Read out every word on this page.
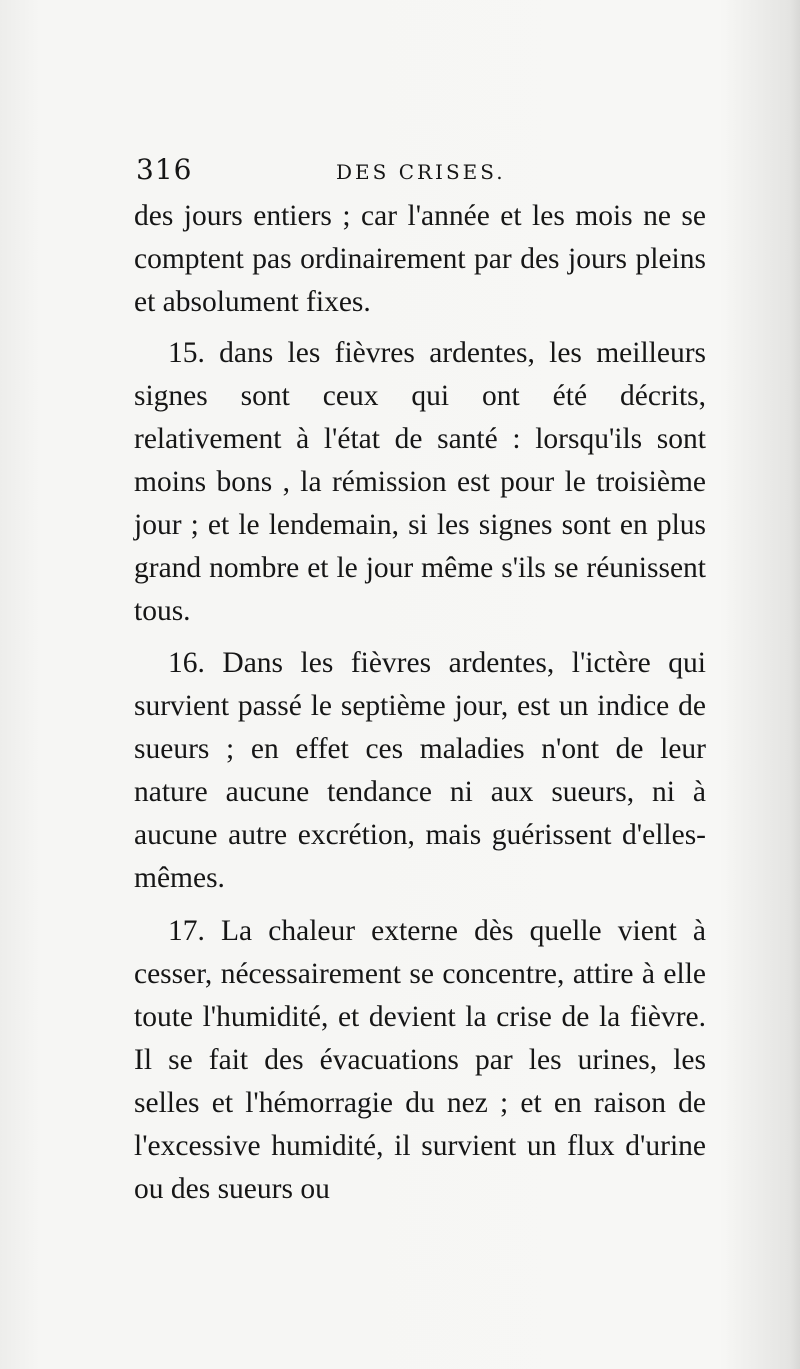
316	DES CRISES.

des jours entiers ; car l'année et les mois ne se comptent pas ordinairement par des jours pleins et absolument fixes.

15. dans les fièvres ardentes, les meilleurs signes sont ceux qui ont été décrits, relativement à l'état de santé : lorsqu'ils sont moins bons , la rémission est pour le troisième jour ; et le lendemain, si les signes sont en plus grand nombre et le jour même s'ils se réunissent tous.

16. Dans les fièvres ardentes, l'ictère qui survient passé le septième jour, est un indice de sueurs ; en effet ces maladies n'ont de leur nature aucune tendance ni aux sueurs, ni à aucune autre excrétion, mais guérissent d'elles-mêmes.

17. La chaleur externe dès quelle vient à cesser, nécessairement se concentre, attire à elle toute l'humidité, et devient la crise de la fièvre. Il se fait des évacuations par les urines, les selles et l'hémorragie du nez ; et en raison de l'excessive humidité, il survient un flux d'urine ou des sueurs ou
